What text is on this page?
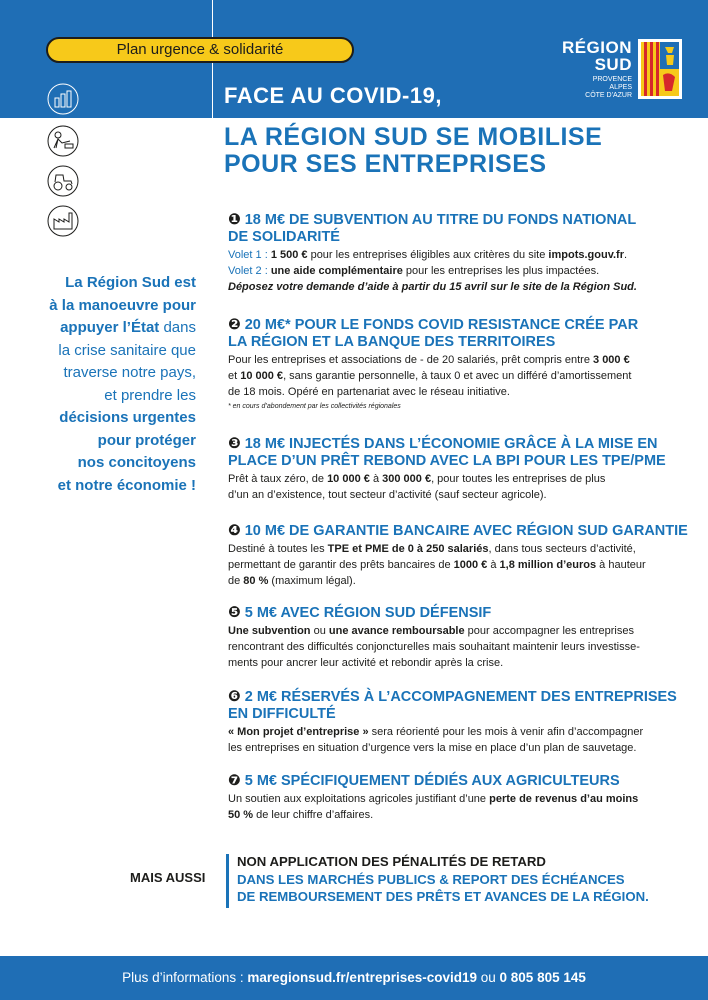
Plan urgence & solidarité	RÉGION
SUD
PROVENCE
ALPES
CÔTE D'AZUR
FACE AU COVID-19,
LA RÉGION SUD SE MOBILISE
POUR SES ENTREPRISES
La Région Sud est
à la manoeuvre pour
appuyer l’État dans
la crise sanitaire que
traverse notre pays,
et prendre les
décisions urgentes
pour protéger
nos concitoyens
et notre économie !
❶ 18 M€ DE SUBVENTION AU TITRE DU FONDS NATIONAL
DE SOLIDARITÉ
Volet 1 : 1 500 € pour les entreprises éligibles aux critères du site impots.gouv.fr.
Volet 2 : une aide complémentaire pour les entreprises les plus impactées.
Déposez votre demande d’aide à partir du 15 avril sur le site de la Région Sud.
❷ 20 M€* POUR LE FONDS COVID RESISTANCE CRÉE PAR
LA RÉGION ET LA BANQUE DES TERRITOIRES
Pour les entreprises et associations de - de 20 salariés, prêt compris entre 3 000 €
et 10 000 €, sans garantie personnelle, à taux 0 et avec un différé d’amortissement
de 18 mois. Opéré en partenariat avec le réseau initiative.
* en cours d’abondement par les collectivités régionales
❸ 18 M€ INJECTÉS DANS L’ÉCONOMIE GRÂCE À LA MISE EN
PLACE D’UN PRÊT REBOND AVEC LA BPI POUR LES TPE/PME
Prêt à taux zéro, de 10 000 € à 300 000 €, pour toutes les entreprises de plus
d’un an d’existence, tout secteur d’activité (sauf secteur agricole).
❹ 10 M€ DE GARANTIE BANCAIRE AVEC RÉGION SUD GARANTIE
Destiné à toutes les TPE et PME de 0 à 250 salariés, dans tous secteurs d’activité,
permettant de garantir des prêts bancaires de 1000 € à 1,8 million d’euros à hauteur
de 80 % (maximum légal).
❺ 5 M€ AVEC RÉGION SUD DÉFENSIF
Une subvention ou une avance remboursable pour accompagner les entreprises
rencontrant des difficultés conjoncturelles mais souhaitant maintenir leurs investisse-
ments pour ancrer leur activité et rebondir après la crise.
❻ 2 M€ RÉSERVÉS À L’ACCOMPAGNEMENT DES ENTREPRISES
EN DIFFICULTÉ
« Mon projet d’entreprise » sera réorienté pour les mois à venir afin d’accompagner
les entreprises en situation d’urgence vers la mise en place d’un plan de sauvetage.
❼ 5 M€ SPÉCIFIQUEMENT DÉDIÉS AUX AGRICULTEURS
Un soutien aux exploitations agricoles justifiant d’une perte de revenus d’au moins
50 % de leur chiffre d’affaires.
MAIS AUSSI
NON APPLICATION DES PÉNALITÉS DE RETARD
DANS LES MARCHÉS PUBLICS & REPORT DES ÉCHÉANCES
DE REMBOURSEMENT DES PRÊTS ET AVANCES DE LA RÉGION.
Plus d’informations : maregionsud.fr/entreprises-covid19 ou 0 805 805 145
